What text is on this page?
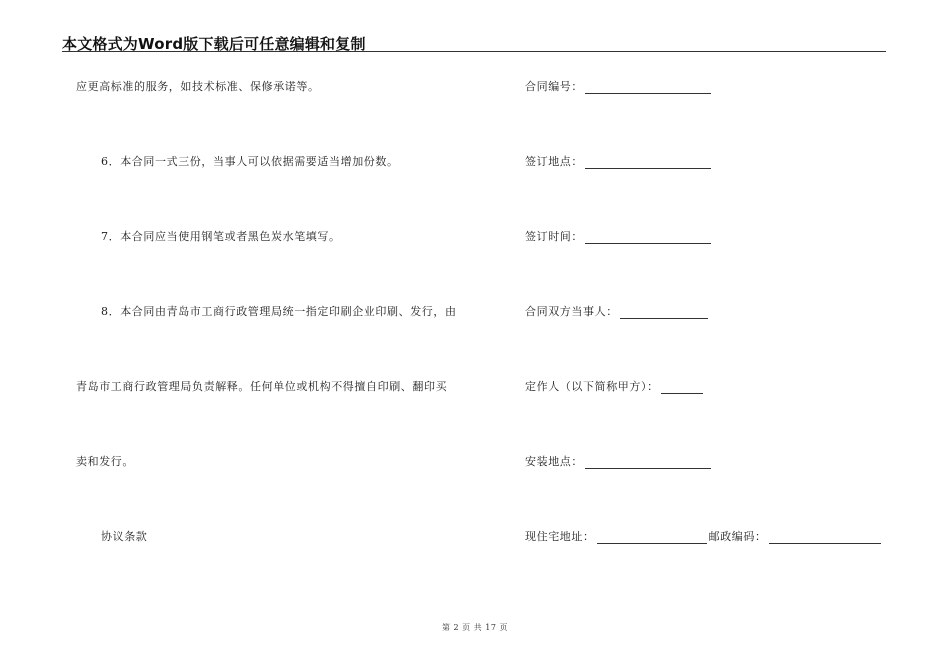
本文格式为Word版下载后可任意编辑和复制
应更高标准的服务，如技术标准、保修承诺等。
6．本合同一式三份，当事人可以依据需要适当增加份数。
7．本合同应当使用钢笔或者黑色炭水笔填写。
8．本合同由青岛市工商行政管理局统一指定印刷企业印刷、发行，由
青岛市工商行政管理局负责解释。任何单位或机构不得擅自印刷、翻印买
卖和发行。
协议条款
合同编号：
签订地点：
签订时间：
合同双方当事人：
定作人（以下简称甲方）：
安装地点：
现住宅地址：	邮政编码：
第 2 页 共 17 页
